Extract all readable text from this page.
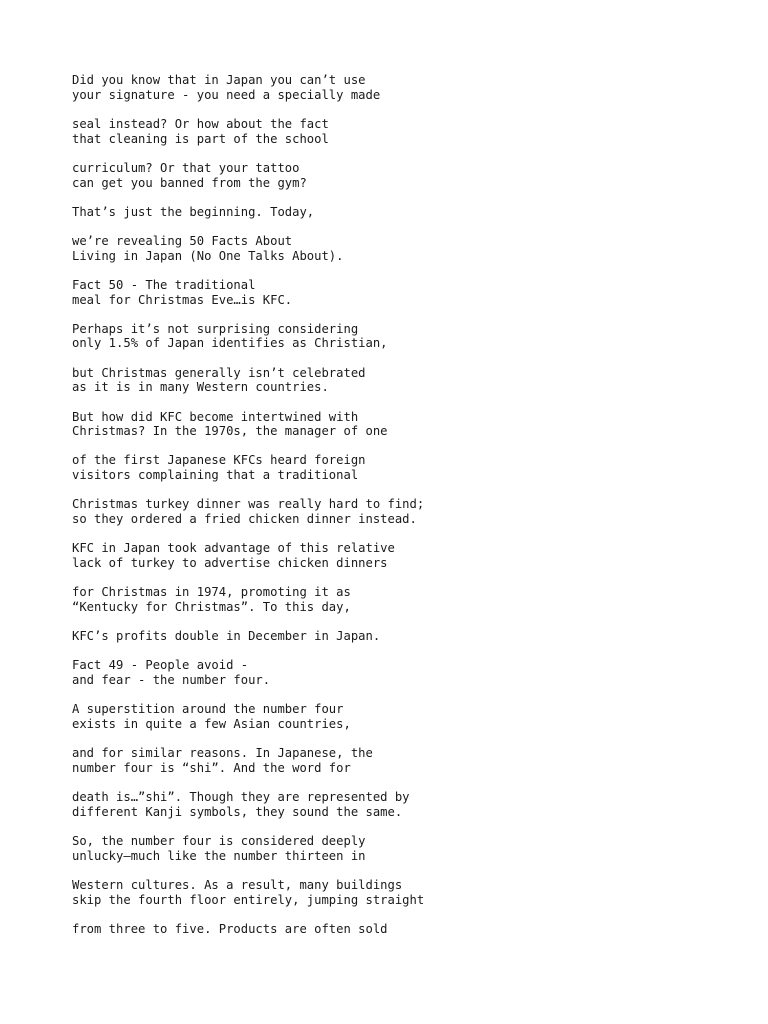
Did you know that in Japan you can’t use
your signature - you need a specially made
seal instead? Or how about the fact
that cleaning is part of the school
curriculum? Or that your tattoo
can get you banned from the gym?
That’s just the beginning. Today,
we’re revealing 50 Facts About
Living in Japan (No One Talks About).
Fact 50 - The traditional
meal for Christmas Eve…is KFC.
Perhaps it’s not surprising considering
only 1.5% of Japan identifies as Christian,
but Christmas generally isn’t celebrated
as it is in many Western countries.
But how did KFC become intertwined with
Christmas? In the 1970s, the manager of one
of the first Japanese KFCs heard foreign
visitors complaining that a traditional
Christmas turkey dinner was really hard to find;
so they ordered a fried chicken dinner instead.
KFC in Japan took advantage of this relative
lack of turkey to advertise chicken dinners
for Christmas in 1974, promoting it as
“Kentucky for Christmas”. To this day,
KFC’s profits double in December in Japan.
Fact 49 - People avoid -
and fear - the number four.
A superstition around the number four
exists in quite a few Asian countries,
and for similar reasons. In Japanese, the
number four is “shi”. And the word for
death is…”shi”. Though they are represented by
different Kanji symbols, they sound the same.
So, the number four is considered deeply
unlucky—much like the number thirteen in
Western cultures. As a result, many buildings
skip the fourth floor entirely, jumping straight
from three to five. Products are often sold
